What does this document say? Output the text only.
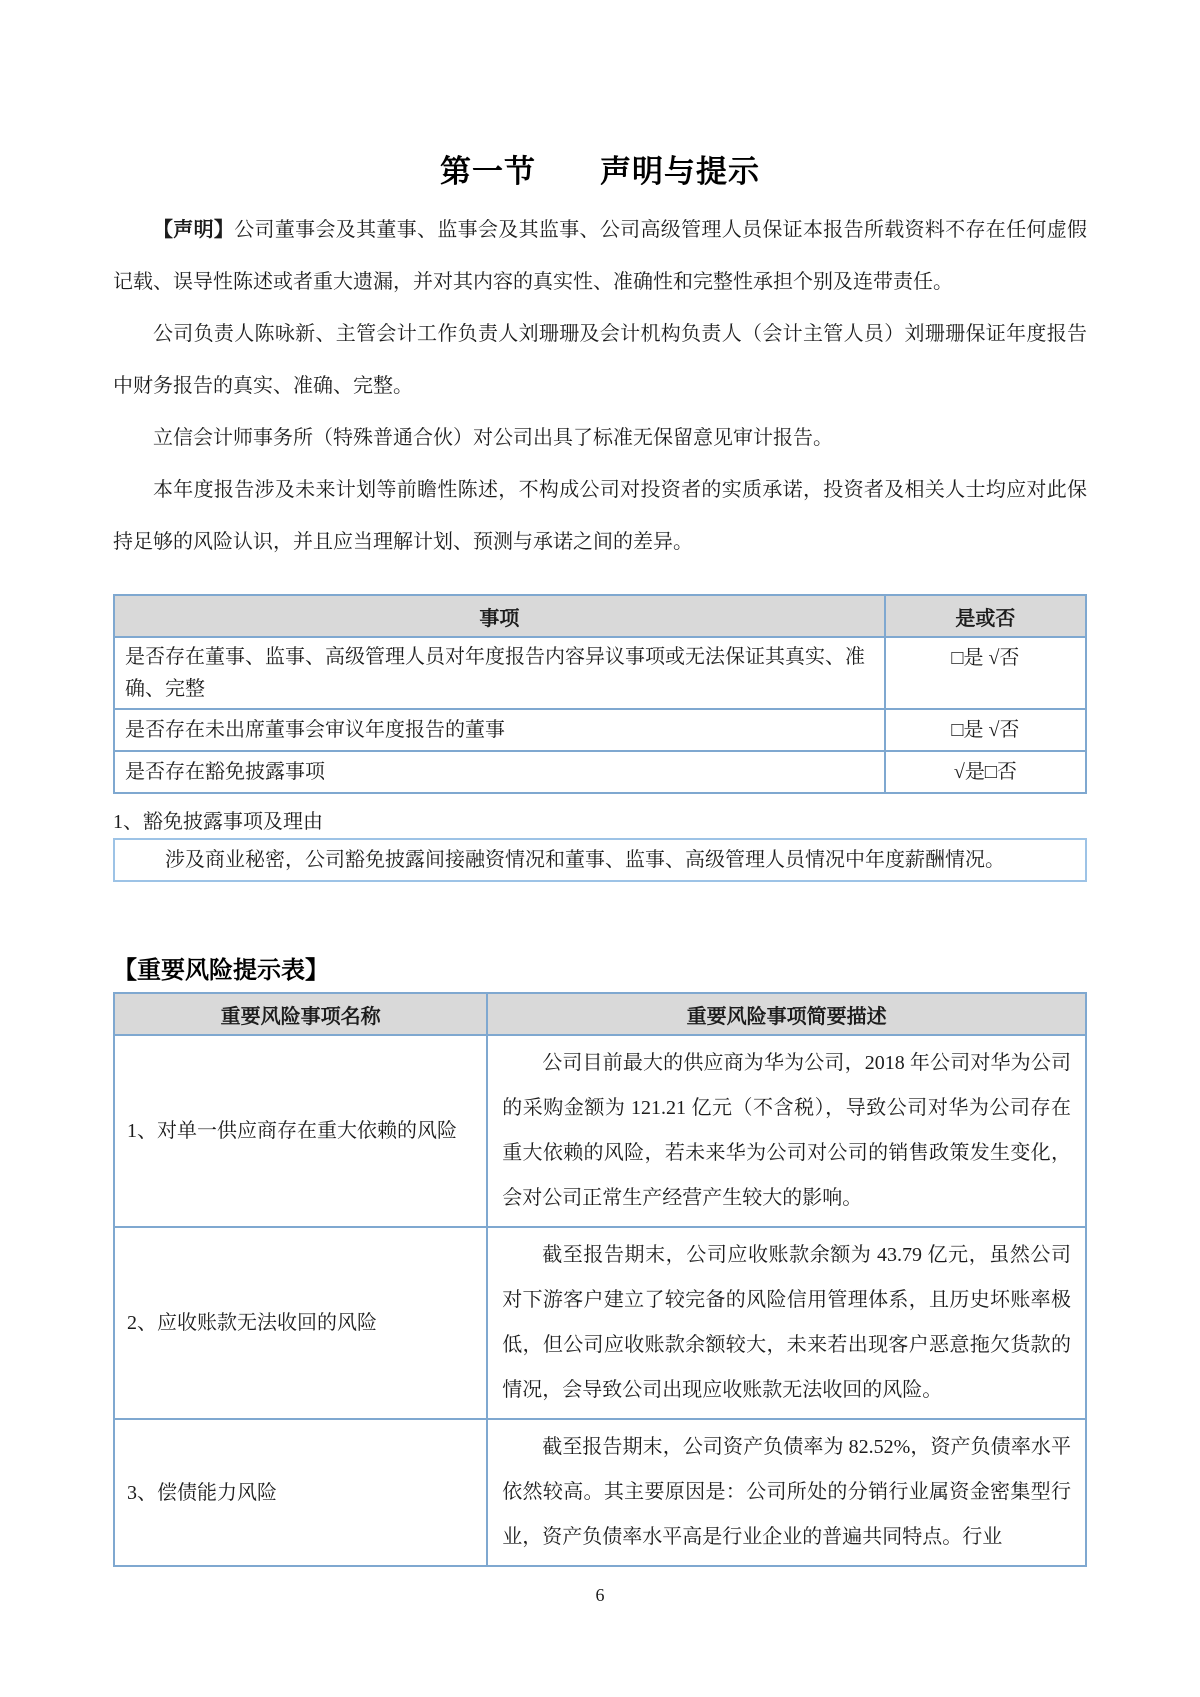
第一节　　声明与提示

【声明】公司董事会及其董事、监事会及其监事、公司高级管理人员保证本报告所载资料不存在任何虚假记载、误导性陈述或者重大遗漏，并对其内容的真实性、准确性和完整性承担个别及连带责任。

公司负责人陈咏新、主管会计工作负责人刘珊珊及会计机构负责人（会计主管人员）刘珊珊保证年度报告中财务报告的真实、准确、完整。

立信会计师事务所（特殊普通合伙）对公司出具了标准无保留意见审计报告。

本年度报告涉及未来计划等前瞻性陈述，不构成公司对投资者的实质承诺，投资者及相关人士均应对此保持足够的风险认识，并且应当理解计划、预测与承诺之间的差异。

事项	是或否
是否存在董事、监事、高级管理人员对年度报告内容异议事项或无法保证其真实、准确、完整	□是 √否
是否存在未出席董事会审议年度报告的董事	□是 √否
是否存在豁免披露事项	√是□否
1、豁免披露事项及理由

涉及商业秘密，公司豁免披露间接融资情况和董事、监事、高级管理人员情况中年度薪酬情况。

【重要风险提示表】
重要风险事项名称	重要风险事项简要描述
1、对单一供应商存在重大依赖的风险	公司目前最大的供应商为华为公司，2018 年公司对华为公司的采购金额为 121.21 亿元（不含税），导致公司对华为公司存在重大依赖的风险，若未来华为公司对公司的销售政策发生变化，会对公司正常生产经营产生较大的影响。
2、应收账款无法收回的风险	截至报告期末，公司应收账款余额为 43.79 亿元，虽然公司对下游客户建立了较完备的风险信用管理体系，且历史坏账率极低，但公司应收账款余额较大，未来若出现客户恶意拖欠货款的情况，会导致公司出现应收账款无法收回的风险。
3、偿债能力风险	截至报告期末，公司资产负债率为 82.52%，资产负债率水平依然较高。其主要原因是：公司所处的分销行业属资金密集型行业，资产负债率水平高是行业企业的普遍共同特点。行业
6
